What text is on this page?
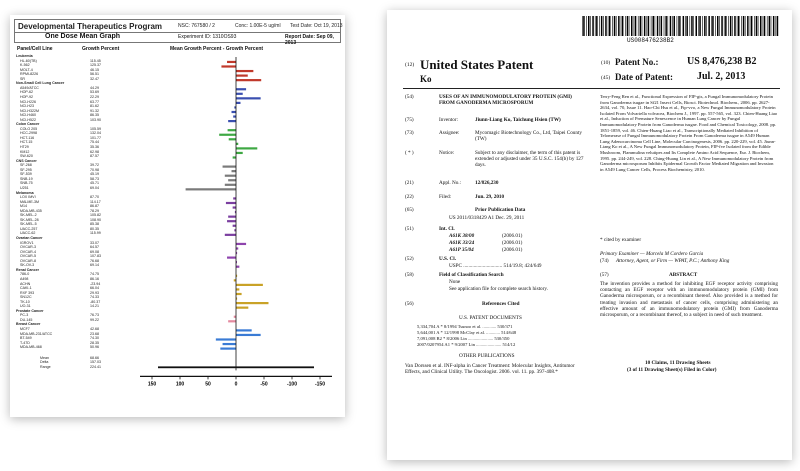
Developmental Therapeutics Program	NSC: 767580 / 2	Conc: 1.00E-5 ug/ml Test Date: Oct 19, 2013
One Dose Mean Graph	Experiment ID: 1310OS93	Report Date: Sep 09, 2013
Panel/Cell Line	Growth Percent	Mean Growth Percent - Growth Percent
Leukemia
HL-60(TB)	115.45
K-562	125.37
MOLT-4	46.15
RPMI-8226	56.51
SR	32.47
Non-Small Cell Lung Cancer
A549/ATCC	44.29
HOP-62	53.69
HOP-92	22.29
NCI-H226	63.77
NCI-H23	81.62
NCI-H322M	91.32
NCI-H460	86.35
NCI-H522	103.90
Colon Cancer
COLO 205	105.59
HCC-2998	132.04
HCT-116	101.77
HCT-15	75.44
HT29	35.36
KM12	62.98
SW-620	87.57
CNS Cancer
SF-268	39.72
SF-295	70.98
SF-539	45.19
SNB-19	58.73
SNB-75	45.71
U251	69.04
Melanoma
LOX IMVI	87.70
MALME-3M	114.17
M14	86.87
MDA-MB-435	78.29
SK-MEL-2	105.82
SK-MEL-28	108.90
SK-MEL-5	85.38
UACC-257	80.35
UACC-62	115.99
Ovarian Cancer
IGROV1	33.07
OVCAR-3	64.57
OVCAR-4	69.08
OVCAR-5	107.83
OVCAR-8	76.68
SK-OV-3	69.14
Renal Cancer
786-0	74.75
A498	86.16
ACHN	-23.94
CAKI-1	66.04
RXF 393	29.93
SN12C	74.33
TK-10	-80.37
UO-31	14.21
Prostate Cancer
PC-3	76.73
DU-145	99.22
Breast Cancer
MCF7	42.68
MDA-MB-231/ATCC	23.68
BT-549	74.30
T-47D	28.35
MDA-MB-468	50.96
Mean	68.66
Delta	157.03
Range	224.41
150	100	50	0	-50	-100	-150
US008476238B2
(12) United States Patent
Ko
(10) Patent No.:	US 8,476,238 B2
(45) Date of Patent: Jul. 2, 2013
(54)	USES OF AN IMMUNOMODULATORY PROTEIN (GMI) FROM GANODERMA MICROSPORUM
(75)	Inventor:	Jiunn-Liang Ko, Taichung Hsien (TW)
(73)	Assignee:	Mycomagic Biotechnology Co., Ltd, Taipei County (TW)
( * )	Notice:	Subject to any disclaimer, the term of this patent is extended or adjusted under 35 U.S.C. 154(b) by 127 days.
(21)	Appl. No.:	12/826,230
(22)	Filed:	Jun. 29, 2010
(65)	Prior Publication Data
US 2011/0318429 A1 Dec. 29, 2011
(51)	Int. Cl.
A61K 38/00	(2006.01)
A61K 33/24	(2006.01)
A61P 35/04	(2006.01)
(52)	U.S. Cl.
USPC .............................. 514/19.8; 424/649
(58)	Field of Classification Search
None
See application file for complete search history.
(56)	References Cited
U.S. PATENT DOCUMENTS
5,334,704 A * 8/1994 Tsunoo et al. ............ 530/371
5,644,001 A * 12/1998 McClay et al. ............ 514/648
7,091,008 B2 * 8/2006 Lin ...................... 530/350
2007/0207954 A1 * 9/2007 Lin ...................... 514/12
OTHER PUBLICATIONS
Van Dorssen et al. INF-alpha in Cancer Treatment: Molecular Insights, Antitumor Effects, and Clinical Utility. The Oncologist. 2006. vol. 11. pp. 397-408.*
Terry-Feng Ren et al., Functional Expression of FIP-gts, a Fungal Immunomodulatory Protein from Ganoderma tsugae in Sf21 Insect Cells, Biosci. Biotechnol. Biochem., 2006. pp. 2627-2634, vol. 70, Issue 11. Hao-Chi Hsu et al., Fip-vvo, a New Fungal Immunomodulatory Protein Isolated From Volvariella volvacea, Biochem J., 1997. pp. 557-565, vol. 323. Chien-Huang Liao et al., Induction of Premature Senescence in Human Lung Cancer by Fungal Immunomodulatory Protein from Ganoderma tsugae. Food and Chemical Toxicology, 2008. pp. 1851-1859, vol. 46. Chien-Huang Liao et al., Transcriptionally Mediated Inhibition of Telomerase of Fungal Immunomodulatory Protein From Ganoderma tsugae in A549 Human Lung Adenocarcinoma Cell Line, Molecular Carcinogenesis, 2006. pp. 220-229, vol. 45. Jiunn-Liang Ko et al., A New Fungal Immunomodulatory Protein, FIP-fve Isolated from the Edible Mushroom, Flammulina velutipes and Its Complete Amino Acid Sequence, Eur. J. Biochem, 1995. pp. 244-249, vol. 228. Ching-Huang Lin et al., A New Immunomodulatory Protein from Ganoderma microsporum Inhibits Epidermal Growth Factor Mediated Migration and Invasion in A549 Lung Cancer Cells, Process Biochemistry, 2010.
* cited by examiner
Primary Examiner — Marcela M Cordero Garcia
(74) Attorney, Agent, or Firm — WPAT, P.C.; Anthony King
(57)	ABSTRACT
The invention provides a method for inhibiting EGF receptor activity comprising contacting an EGF receptor with an immunomodulatory protein (GMI) from Ganoderma microsporum, or a recombinant thereof. Also provided is a method for treating invasion and metastasis of cancer cells, comprising administering an effective amount of an immunomodulatory protein (GMI) from Ganoderma microsporum, or a recombinant thereof, to a subject in need of such treatment.
10 Claims, 11 Drawing Sheets
(3 of 11 Drawing Sheet(s) Filed in Color)
